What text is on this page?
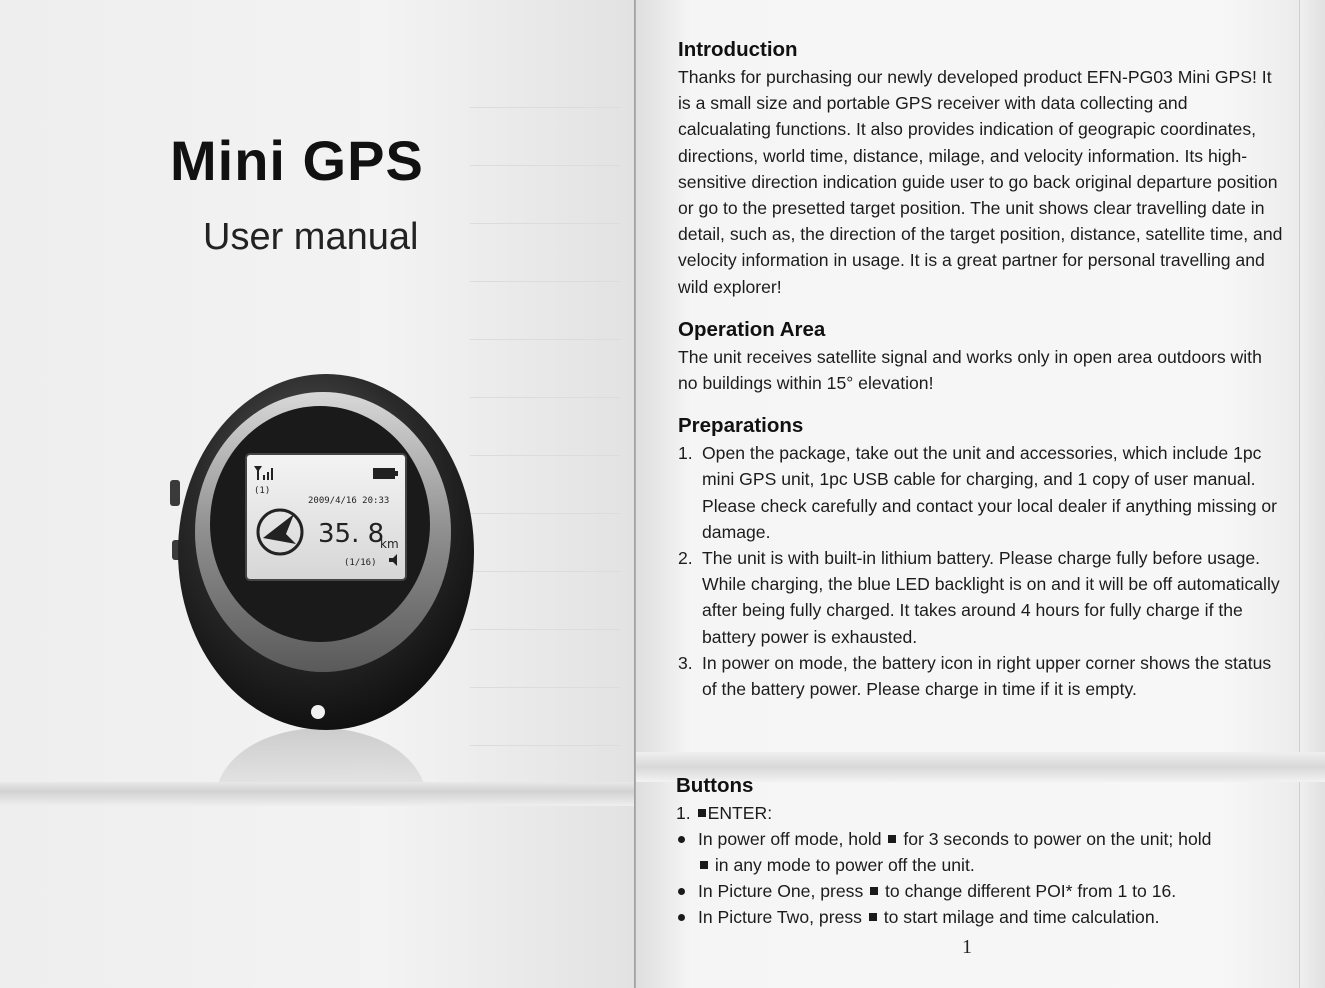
Mini GPS
User manual
(1)
2009/4/16 20:33
35. 8
km
(1/16)
Introduction
Thanks for purchasing our newly developed product EFN-PG03 Mini GPS! It is a small size and portable GPS receiver with data collecting and calcualating functions. It also provides indication of geograpic coordinates, directions, world time, distance, milage, and velocity information. Its high-sensitive direction indication guide user to go back original departure position or go to the presetted target position. The unit shows clear travelling date in detail, such as, the direction of the target position, distance, satellite time, and velocity information in usage. It is a great partner for personal travelling and wild explorer!
Operation Area
The unit receives satellite signal and works only in open area outdoors with no buildings within 15° elevation!
Preparations
1. Open the package, take out the unit and accessories, which include 1pc mini GPS unit, 1pc USB cable for charging, and 1 copy of user manual. Please check carefully and contact your local dealer if anything missing or damage.
2. The unit is with built-in lithium battery. Please charge fully before usage. While charging, the blue LED backlight is on and it will be off automatically after being fully charged. It takes around 4 hours for fully charge if the battery power is exhausted.
3. In power on mode, the battery icon in right upper corner shows the status of the battery power. Please charge in time if it is empty.
Buttons
1. ENTER:
In power off mode, hold for 3 seconds to power on the unit; hold
in any mode to power off the unit.
In Picture One, press to change different POI* from 1 to 16.
In Picture Two, press to start milage and time calculation.
1
